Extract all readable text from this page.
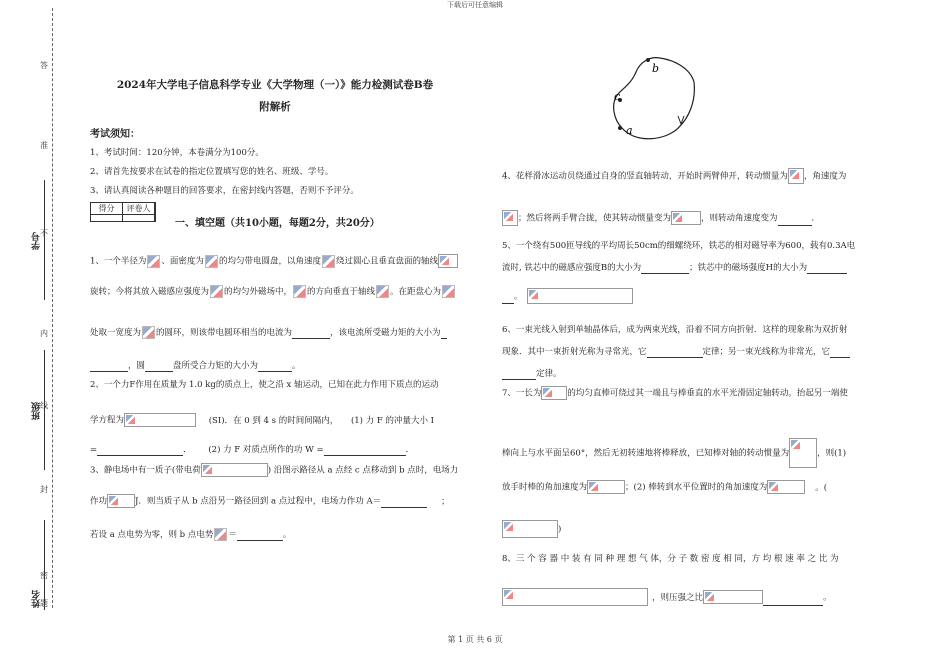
下载后可任意编辑
答
准
不
内
线
封
密
题
学号
班级
姓名
2024年大学电子信息科学专业《大学物理（一）》能力检测试卷B卷
附解析
考试须知：
1、考试时间：120分钟，本卷满分为100分。
2、请首先按要求在试卷的指定位置填写您的姓名、班级、学号。
3、请认真阅读各种题目的回答要求，在密封线内答题，否则不予评分。
得分	评卷人
一、填空题（共10小题，每题2分，共20分）
1、一个半径为 、面密度为 的均匀带电圆盘，以角速度 绕过圆心且垂直盘面的轴线
旋转；今将其放入磁感应强度为 的均匀外磁场中， 的方向垂直于轴线 。在距盘心为
处取一宽度为 的圆环，则该带电圆环相当的电流为	，该电流所受磁力矩的大小为
，圆	盘所受合力矩的大小为	。
2、一个力F作用在质量为 1.0 kg的质点上，使之沿 x 轴运动，已知在此力作用下质点的运动
学方程为	(SI)．在 0 到 4 s 的时间间隔内， (1) 力 F 的冲量大小 I
=	． (2) 力 F 对质点所作的功 W =	．
3、静电场中有一质子(带电荷	) 沿图示路径从 a 点经 c 点移动到 b 点时，电场力
作功	J．则当质子从 b 点沿另一路径回到 a 点过程中，电场力作功 A＝	；
若设 a 点电势为零，则 b 点电势 ＝	。
b
c
a
4、花样滑冰运动员绕通过自身的竖直轴转动，开始时两臂伸开，转动惯量为 ，角速度为
；然后将两手臂合拢，使其转动惯量变为	，则转动角速度变为	．
5、一个绕有500匝导线的平均周长50cm的细螺绕环，铁芯的相对磁导率为600，载有0.3A电
流时, 铁芯中的磁感应强度B的大小为	；铁芯中的磁场强度H的大小为
。
6、一束光线入射到单轴晶体后，成为两束光线，沿着不同方向折射．这样的现象称为双折射
现象．其中一束折射光称为寻常光，它	定律；另一束光线称为非常光，它
定律。
7、一长为	的均匀直棒可绕过其一端且与棒垂直的水平光滑固定轴转动。抬起另一端使
棒向上与水平面呈60°，然后无初转速地将棒释放，已知棒对轴的转动惯量为	，则(1)
放手时棒的角加速度为	；(2) 棒转到水平位置时的角加速度为	。(
)
8、三 个 容 器 中 装 有 同 种 理 想 气 体，分 子 数 密 度 相 同，方 均 根 速 率 之 比 为
，则压强之比	。
第 1 页 共 6 页
